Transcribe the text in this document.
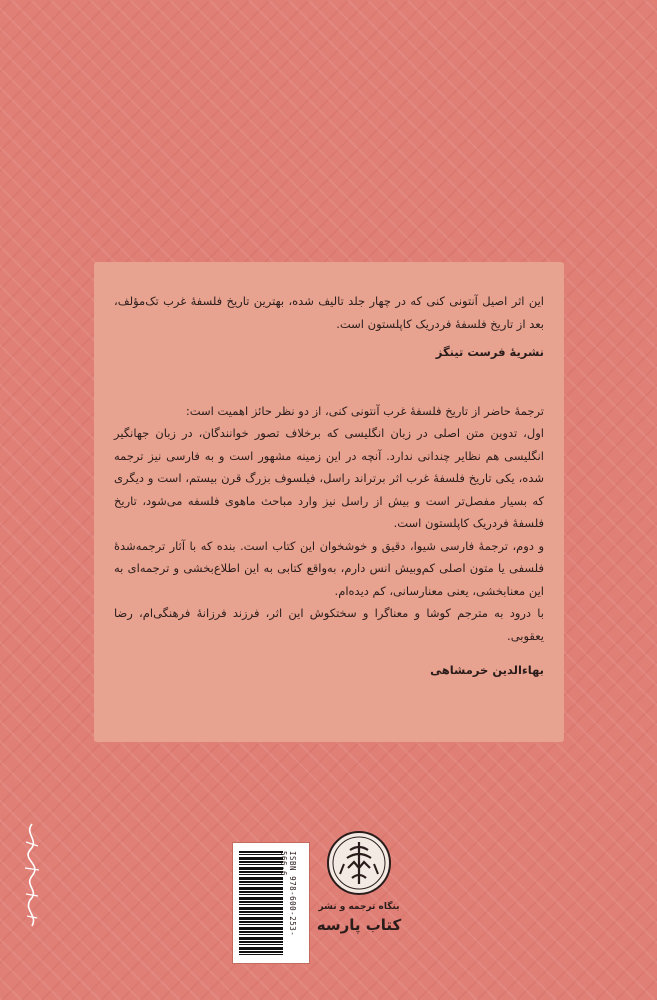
این اثر اصیل آنتونی کنی که در چهار جلد تالیف شده، بهترین تاریخ فلسفهٔ غرب تک‌مؤلف، بعد از تاریخ فلسفهٔ فردریک کاپلستون است.

نشریهٔ فرست تینگز

ترجمهٔ حاضر از تاریخ فلسفهٔ غرب آنتونی کنی، از دو نظر حائز اهمیت است:

اول، تدوین متن اصلی در زبان انگلیسی که برخلاف تصور خوانندگان، در زبان جهانگیر انگلیسی هم نظایر چندانی ندارد. آنچه در این زمینه مشهور است و به فارسی نیز ترجمه شده، یکی تاریخ فلسفهٔ غرب اثر برتراند راسل، فیلسوف بزرگ قرن بیستم، است و دیگری که بسیار مفصل‌تر است و بیش از راسل نیز وارد مباحث ماهوی فلسفه می‌شود، تاریخ فلسفهٔ فردریک کاپلستون است.

و دوم، ترجمهٔ فارسی شیوا، دقیق و خوشخوان این کتاب است. بنده که با آثار ترجمه‌شدهٔ فلسفی یا متون اصلی کم‌وبیش انس دارم، به‌واقع کتابی به این اطلاع‌بخشی و ترجمه‌ای به این معنابخشی، یعنی معنارسانی، کم دیده‌ام.

با درود به مترجم کوشا و معناگرا و سختکوش این اثر، فرزند فرزانهٔ فرهنگی‌ام، رضا یعقوبی.

بهاءالدین خرمشاهی

ISBN 978-600-253-566-6
بنگاه ترجمه و نشر
کتاب پارسه
